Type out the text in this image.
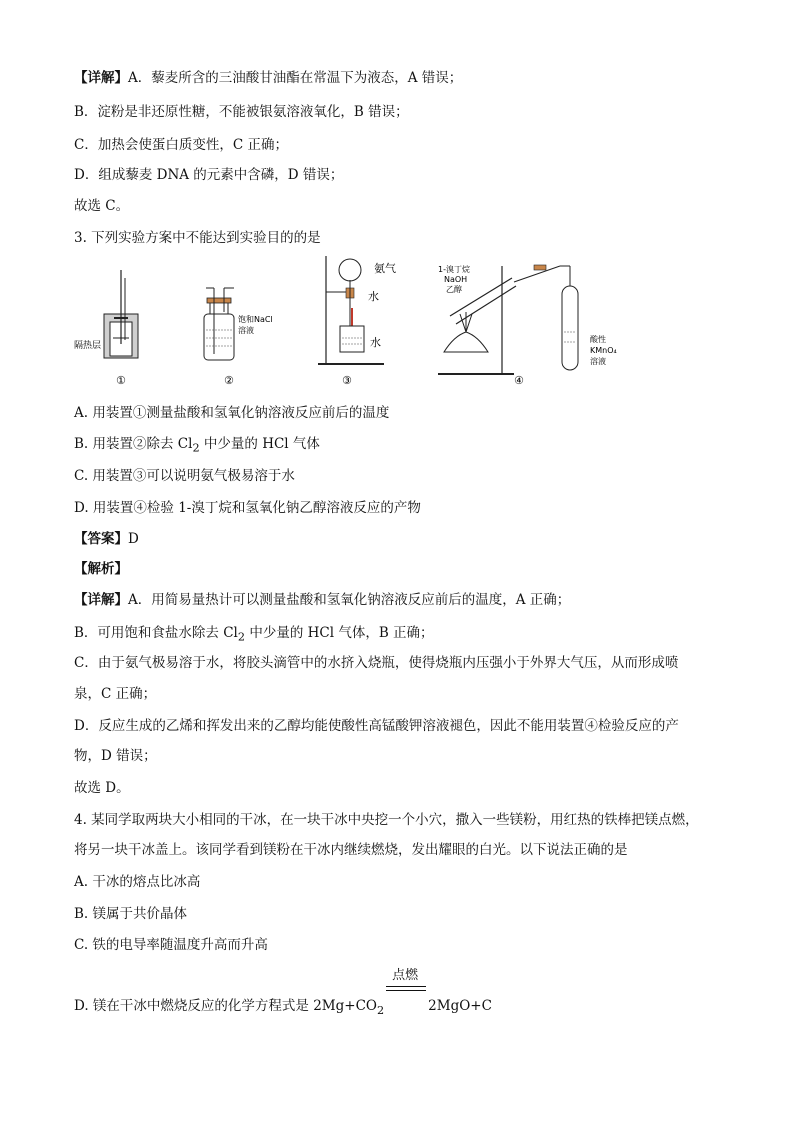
【详解】A．藜麦所含的三油酸甘油酯在常温下为液态，A 错误；
B．淀粉是非还原性糖，不能被银氨溶液氧化，B 错误；
C．加热会使蛋白质变性，C 正确；
D．组成藜麦 DNA 的元素中含磷，D 错误；
故选 C。
3. 下列实验方案中不能达到实验目的的是
隔热层
①
饱和NaCl
溶液
②
氨气
水
水
③
1-溴丁烷
NaOH
乙醇
酸性
KMnO₄
溶液
④
A. 用装置①测量盐酸和氢氧化钠溶液反应前后的温度
B. 用装置②除去 $Cl_2$ 中少量的 HCl 气体
C. 用装置③可以说明氨气极易溶于水
D. 用装置④检验 1-溴丁烷和氢氧化钠乙醇溶液反应的产物
【答案】D
【解析】
【详解】A．用简易量热计可以测量盐酸和氢氧化钠溶液反应前后的温度，A 正确；
B．可用饱和食盐水除去 $Cl_2$ 中少量的 HCl 气体，B 正确；
C．由于氨气极易溶于水，将胶头滴管中的水挤入烧瓶，使得烧瓶内压强小于外界大气压，从而形成喷
泉，C 正确；
D．反应生成的乙烯和挥发出来的乙醇均能使酸性高锰酸钾溶液褪色，因此不能用装置④检验反应的产
物，D 错误；
故选 D。
4. 某同学取两块大小相同的干冰，在一块干冰中央挖一个小穴，撒入一些镁粉，用红热的铁棒把镁点燃，
将另一块干冰盖上。该同学看到镁粉在干冰内继续燃烧，发出耀眼的白光。以下说法正确的是
A. 干冰的熔点比冰高
B. 镁属于共价晶体
C. 铁的电导率随温度升高而升高
D. 镁在干冰中燃烧反应的化学方程式是 $2Mg+CO_2$
点燃
2MgO+C
